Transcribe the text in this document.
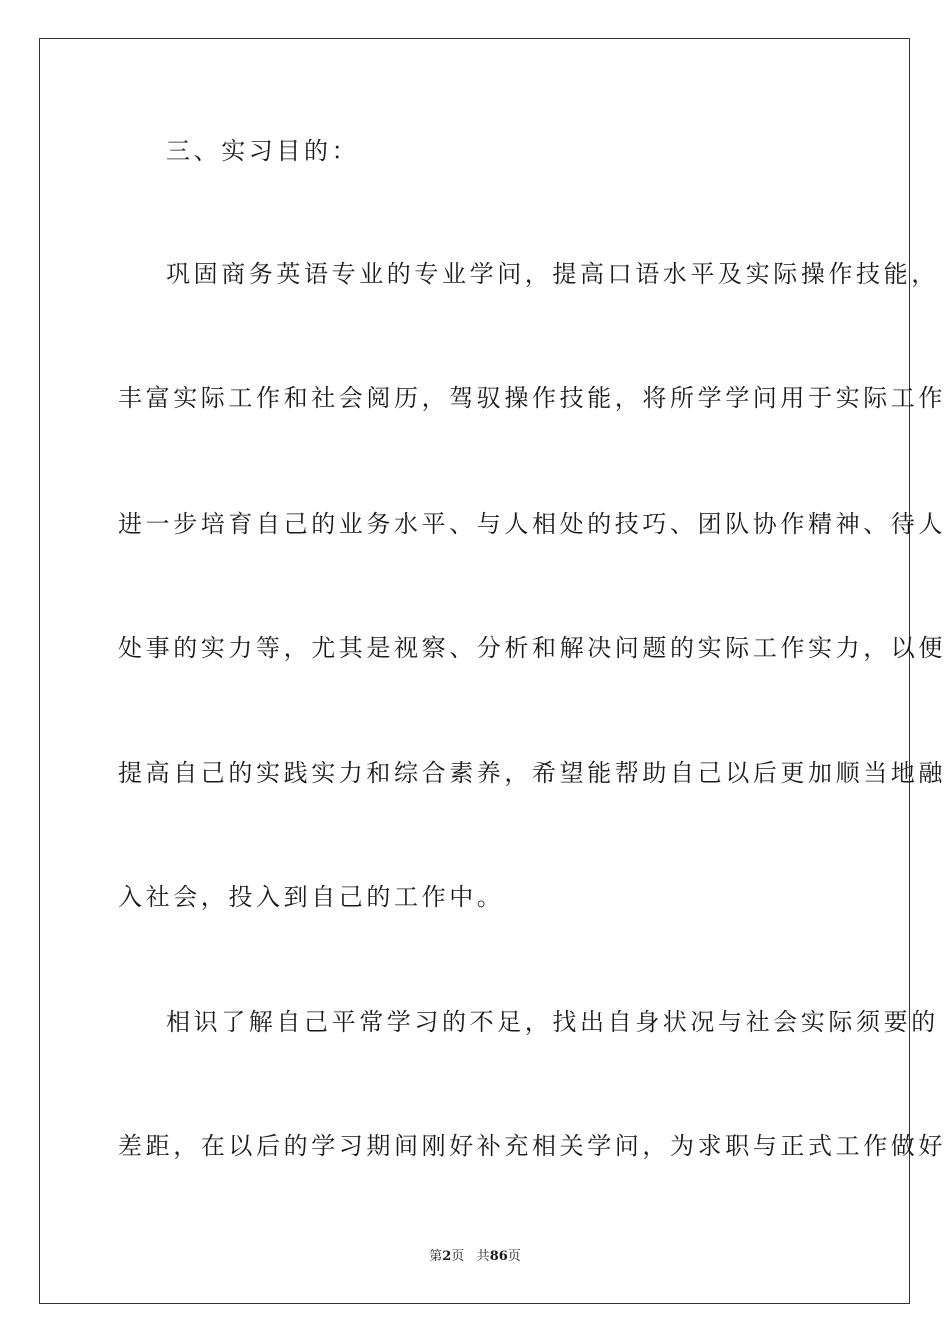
三、实习目的：
巩固商务英语专业的专业学问，提高口语水平及实际操作技能，
丰富实际工作和社会阅历，驾驭操作技能，将所学学问用于实际工作
进一步培育自己的业务水平、与人相处的技巧、团队协作精神、待人
处事的实力等，尤其是视察、分析和解决问题的实际工作实力，以便
提高自己的实践实力和综合素养，希望能帮助自己以后更加顺当地融
入社会，投入到自己的工作中。
相识了解自己平常学习的不足，找出自身状况与社会实际须要的
差距，在以后的学习期间刚好补充相关学问，为求职与正式工作做好
第2页 共86页
